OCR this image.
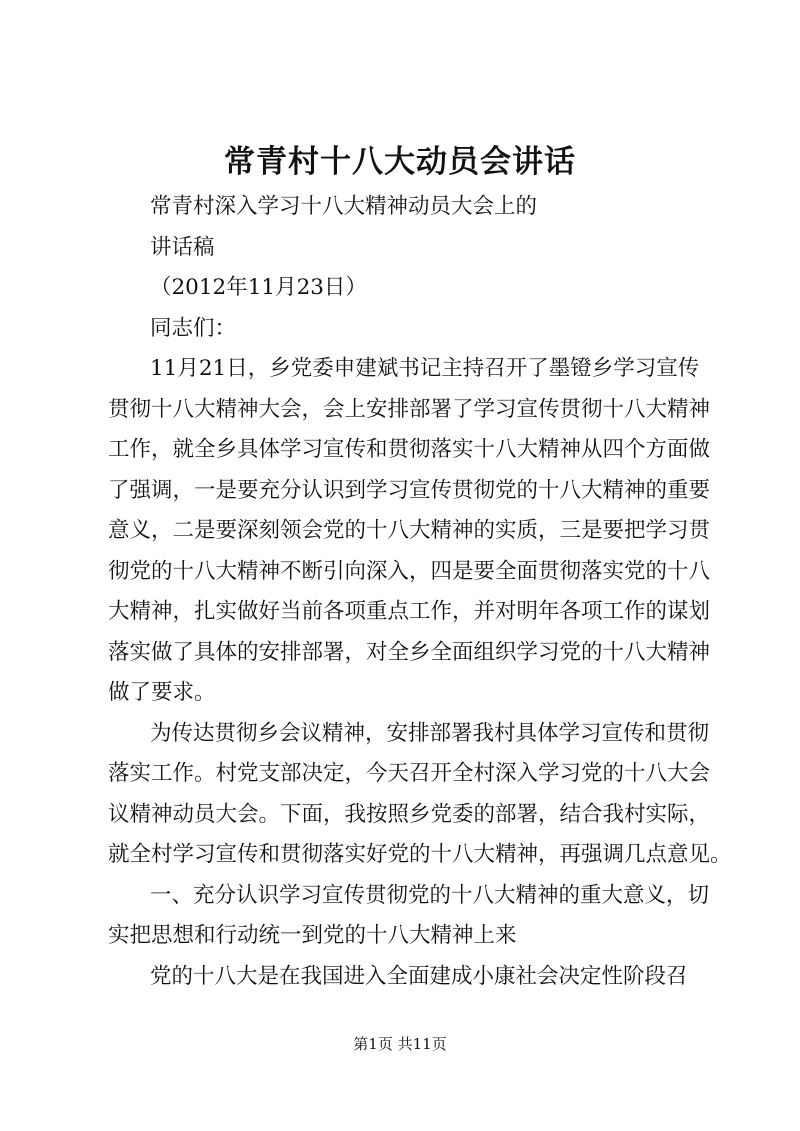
常青村十八大动员会讲话

常青村深入学习十八大精神动员大会上的

讲话稿

（2012年11月23日）

同志们：

11月21日，乡党委申建斌书记主持召开了墨镫乡学习宣传

贯彻十八大精神大会，会上安排部署了学习宣传贯彻十八大精神

工作，就全乡具体学习宣传和贯彻落实十八大精神从四个方面做

了强调，一是要充分认识到学习宣传贯彻党的十八大精神的重要

意义，二是要深刻领会党的十八大精神的实质，三是要把学习贯

彻党的十八大精神不断引向深入，四是要全面贯彻落实党的十八

大精神，扎实做好当前各项重点工作，并对明年各项工作的谋划

落实做了具体的安排部署，对全乡全面组织学习党的十八大精神

做了要求。

为传达贯彻乡会议精神，安排部署我村具体学习宣传和贯彻

落实工作。村党支部决定，今天召开全村深入学习党的十八大会

议精神动员大会。下面，我按照乡党委的部署，结合我村实际，

就全村学习宣传和贯彻落实好党的十八大精神，再强调几点意见。

一、充分认识学习宣传贯彻党的十八大精神的重大意义，切

实把思想和行动统一到党的十八大精神上来

党的十八大是在我国进入全面建成小康社会决定性阶段召

第1页 共11页
